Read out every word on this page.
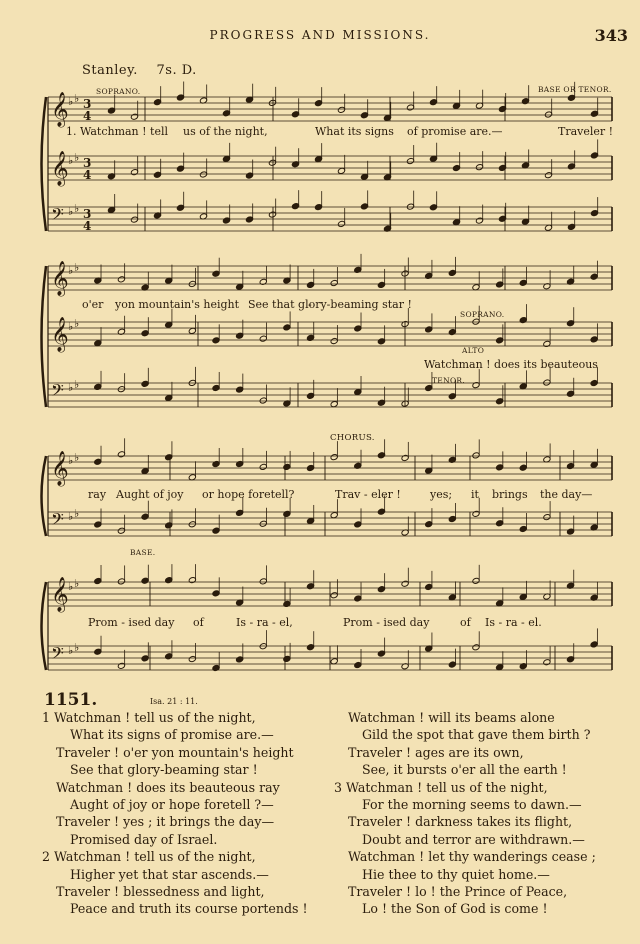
PROGRESS AND MISSIONS.	343
Stanley. 7s. D.
𝄞 ♭ ♭ 3
4
𝄞 ♭ ♭ 3
4
𝄢 ♭ ♭ 3
4
𝄞 ♭ ♭
𝄞 ♭ ♭
𝄢 ♭ ♭
𝄞 ♭ ♭
𝄢 ♭ ♭
𝄞 ♭ ♭
𝄢 ♭ ♭
SOPRANO.	BASE OR TENOR.
SOPRANO.
ALTO
TENOR.
CHORUS.
BASE.
1. Watchman ! tell us of the night,	What its signs of promise are.—	Traveler !
o'er yon mountain's height See that glo
- ry-beaming star !
Watchman ! does its beauteous
ray Aught of joy or hope foretell?	Trav - eler !	yes; it brings the day—
Prom - ised day of	Is - ra - el,	Prom - ised day	of Is - ra - el.
1151.	Isa. 21 : 11.
1 Watchman ! tell us of the night,
What its signs of promise are.—
Traveler ! o'er yon mountain's height
See that glory-beaming star !
Watchman ! does its beauteous ray
Aught of joy or hope foretell ?—
Traveler ! yes ; it brings the day—
Promised day of Israel.
2 Watchman ! tell us of the night,
Higher yet that star ascends.—
Traveler ! blessedness and light,
Peace and truth its course portends !
Watchman ! will its beams alone
Gild the spot that gave them birth ?
Traveler ! ages are its own,
See, it bursts o'er all the earth !
3 Watchman ! tell us of the night,
For the morning seems to dawn.—
Traveler ! darkness takes its flight,
Doubt and terror are withdrawn.—
Watchman ! let thy wanderings cease ;
Hie thee to thy quiet home.—
Traveler ! lo ! the Prince of Peace,
Lo ! the Son of God is come !
